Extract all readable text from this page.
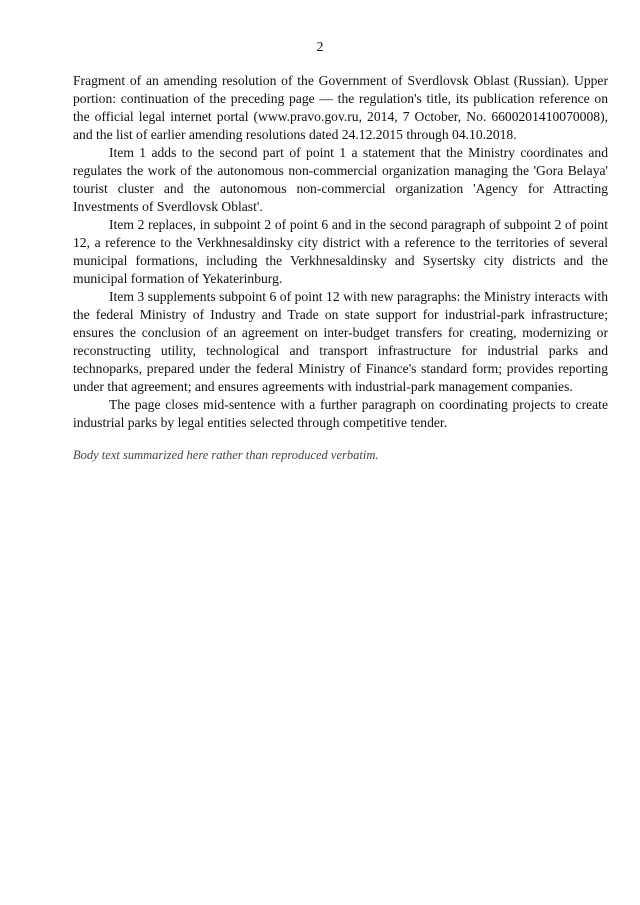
2

Fragment of an amending resolution of the Government of Sverdlovsk Oblast (Russian). Upper portion: continuation of the preceding page — the regulation's title, its publication reference on the official legal internet portal (www.pravo.gov.ru, 2014, 7 October, No. 6600201410070008), and the list of earlier amending resolutions dated 24.12.2015 through 04.10.2018.

Item 1 adds to the second part of point 1 a statement that the Ministry coordinates and regulates the work of the autonomous non-commercial organization managing the 'Gora Belaya' tourist cluster and the autonomous non-commercial organization 'Agency for Attracting Investments of Sverdlovsk Oblast'.

Item 2 replaces, in subpoint 2 of point 6 and in the second paragraph of subpoint 2 of point 12, a reference to the Verkhnesaldinsky city district with a reference to the territories of several municipal formations, including the Verkhnesaldinsky and Sysertsky city districts and the municipal formation of Yekaterinburg.

Item 3 supplements subpoint 6 of point 12 with new paragraphs: the Ministry interacts with the federal Ministry of Industry and Trade on state support for industrial-park infrastructure; ensures the conclusion of an agreement on inter-budget transfers for creating, modernizing or reconstructing utility, technological and transport infrastructure for industrial parks and technoparks, prepared under the federal Ministry of Finance's standard form; provides reporting under that agreement; and ensures agreements with industrial-park management companies.

The page closes mid-sentence with a further paragraph on coordinating projects to create industrial parks by legal entities selected through competitive tender.

Body text summarized here rather than reproduced verbatim.
